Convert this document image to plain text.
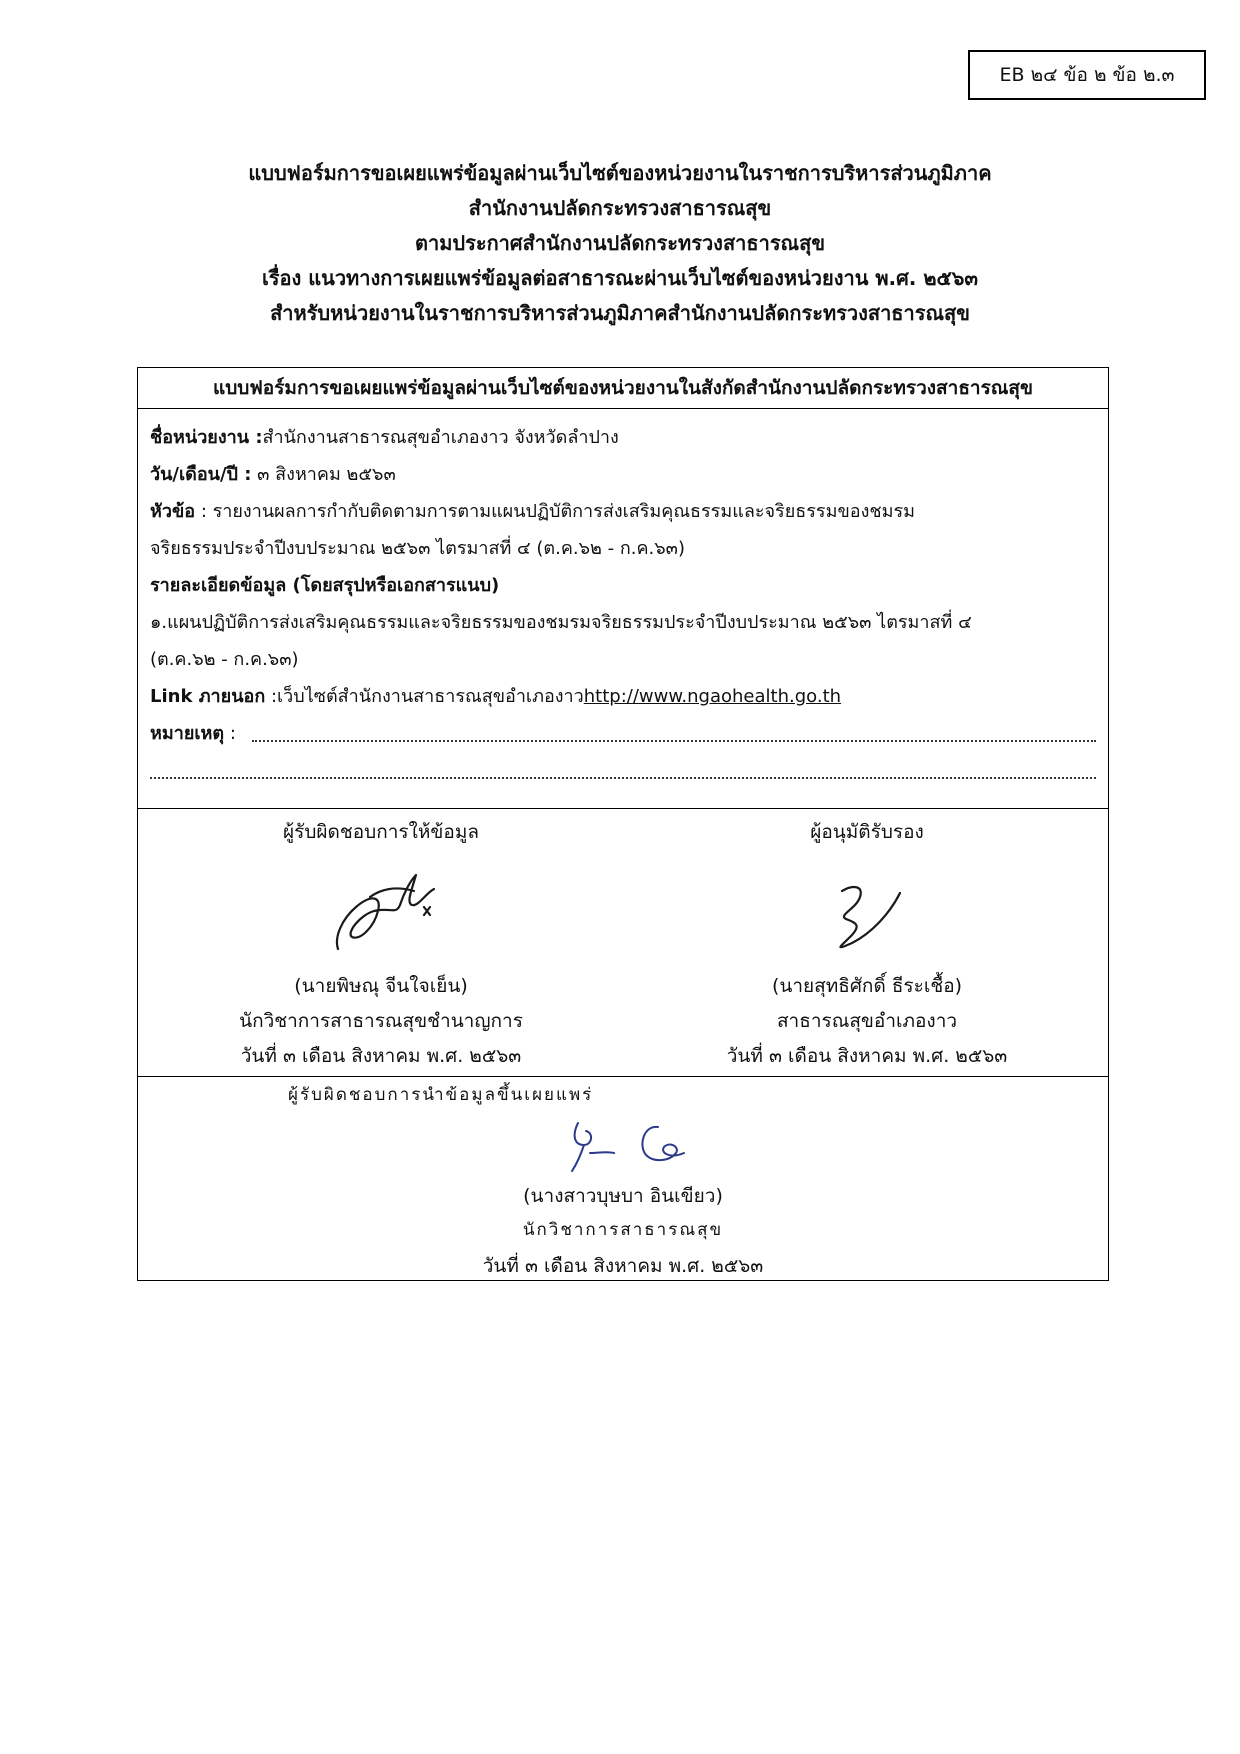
EB ๒๔ ข้อ ๒ ข้อ ๒.๓
แบบฟอร์มการขอเผยแพร่ข้อมูลผ่านเว็บไซต์ของหน่วยงานในราชการบริหารส่วนภูมิภาค
สำนักงานปลัดกระทรวงสาธารณสุข
ตามประกาศสำนักงานปลัดกระทรวงสาธารณสุข
เรื่อง แนวทางการเผยแพร่ข้อมูลต่อสาธารณะผ่านเว็บไซต์ของหน่วยงาน พ.ศ. ๒๕๖๓
สำหรับหน่วยงานในราชการบริหารส่วนภูมิภาคสำนักงานปลัดกระทรวงสาธารณสุข
แบบฟอร์มการขอเผยแพร่ข้อมูลผ่านเว็บไซต์ของหน่วยงานในสังกัดสำนักงานปลัดกระทรวงสาธารณสุข
ชื่อหน่วยงาน :สำนักงานสาธารณสุขอำเภองาว จังหวัดลำปาง
วัน/เดือน/ปี : ๓ สิงหาคม ๒๕๖๓
หัวข้อ : รายงานผลการกำกับติดตามการตามแผนปฏิบัติการส่งเสริมคุณธรรมและจริยธรรมของชมรม
จริยธรรมประจำปีงบประมาณ ๒๕๖๓ ไตรมาสที่ ๔ (ต.ค.๖๒ - ก.ค.๖๓)
รายละเอียดข้อมูล (โดยสรุปหรือเอกสารแนบ)
๑.แผนปฏิบัติการส่งเสริมคุณธรรมและจริยธรรมของชมรมจริยธรรมประจำปีงบประมาณ ๒๕๖๓ ไตรมาสที่ ๔
(ต.ค.๖๒ - ก.ค.๖๓)
Link ภายนอก :เว็บไซต์สำนักงานสาธารณสุขอำเภองาวhttp://www.ngaohealth.go.th
หมายเหตุ :
ผู้รับผิดชอบการให้ข้อมูล
(นายพิษณุ จีนใจเย็น)
นักวิชาการสาธารณสุขชำนาญการ
วันที่ ๓ เดือน สิงหาคม พ.ศ. ๒๕๖๓
ผู้อนุมัติรับรอง
(นายสุทธิศักดิ์ ธีระเชื้อ)
สาธารณสุขอำเภองาว
วันที่ ๓ เดือน สิงหาคม พ.ศ. ๒๕๖๓
ผู้รับผิดชอบการนำข้อมูลขึ้นเผยแพร่
(นางสาวบุษบา อินเขียว)
นักวิชาการสาธารณสุข
วันที่ ๓ เดือน สิงหาคม พ.ศ. ๒๕๖๓
